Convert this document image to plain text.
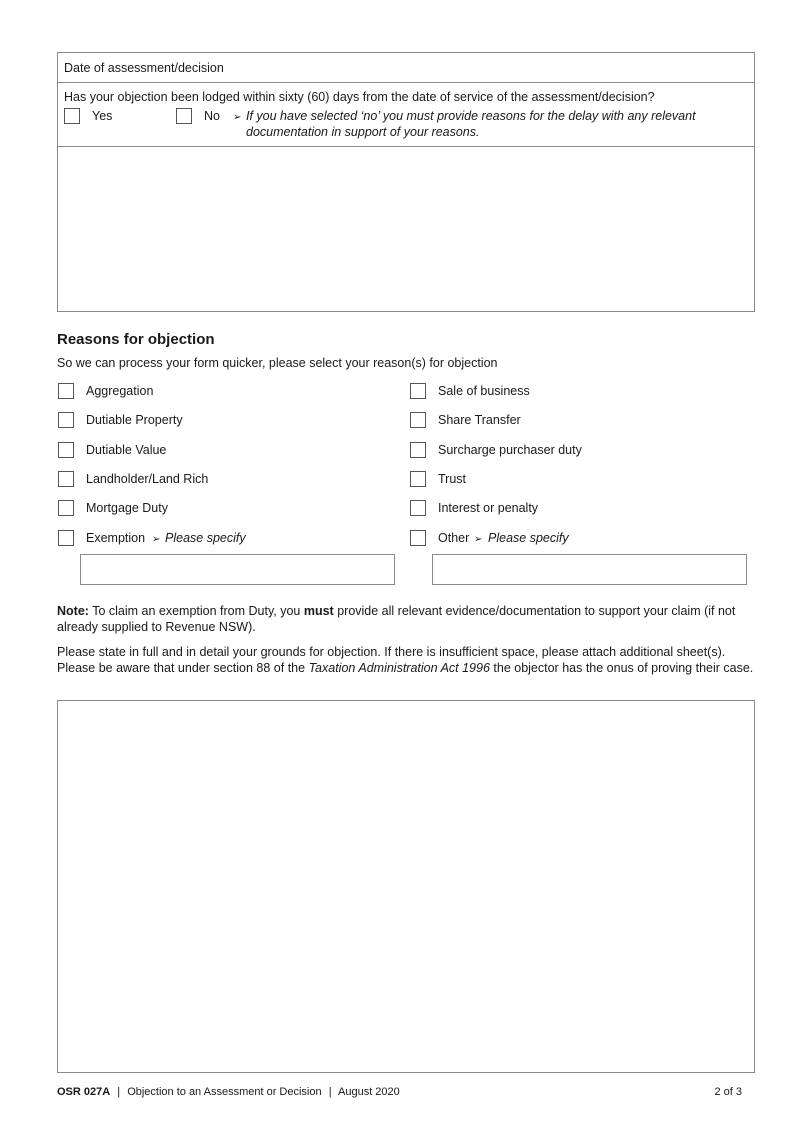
Date of assessment/decision
Has your objection been lodged within sixty (60) days from the date of service of the assessment/decision?
Yes	No ➢ If you have selected ‘no’ you must provide reasons for the delay with any relevant
documentation in support of your reasons.
Reasons for objection
So we can process your form quicker, please select your reason(s) for objection
Aggregation
Dutiable Property
Dutiable Value
Landholder/Land Rich
Mortgage Duty
Exemption ➢ Please specify
Sale of business
Share Transfer
Surcharge purchaser duty
Trust
Interest or penalty
Other ➢ Please specify
Note: To claim an exemption from Duty, you must provide all relevant evidence/documentation to support your claim (if not already supplied to Revenue NSW).
Please state in full and in detail your grounds for objection. If there is insufficient space, please attach additional sheet(s). Please be aware that under section 88 of the Taxation Administration Act 1996 the objector has the onus of proving their case.
OSR 027A | Objection to an Assessment or Decision | August 2020	2 of 3
